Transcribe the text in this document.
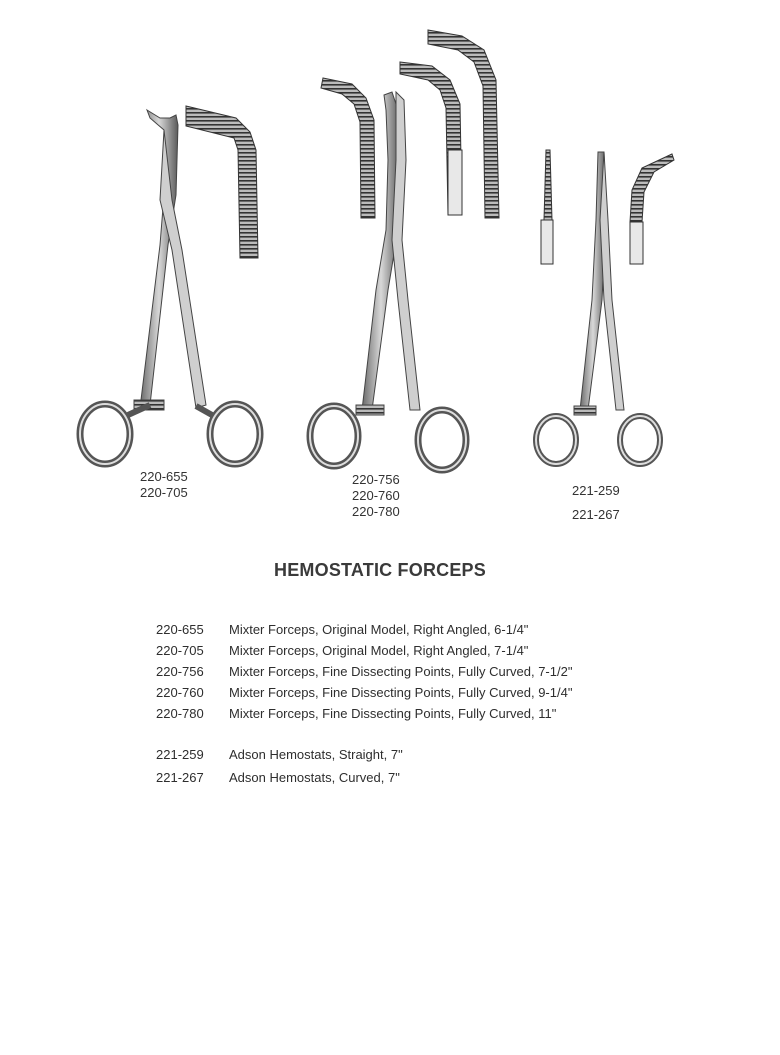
220-655
220-705
220-756
220-760
220-780
221-259
221-267
HEMOSTATIC FORCEPS
220-655 Mixter Forceps, Original Model, Right Angled, 6-1/4"
220-705 Mixter Forceps, Original Model, Right Angled, 7-1/4"
220-756 Mixter Forceps, Fine Dissecting Points, Fully Curved, 7-1/2"
220-760 Mixter Forceps, Fine Dissecting Points, Fully Curved, 9-1/4"
220-780 Mixter Forceps, Fine Dissecting Points, Fully Curved, 11"
221-259 Adson Hemostats, Straight, 7"
221-267 Adson Hemostats, Curved, 7"
